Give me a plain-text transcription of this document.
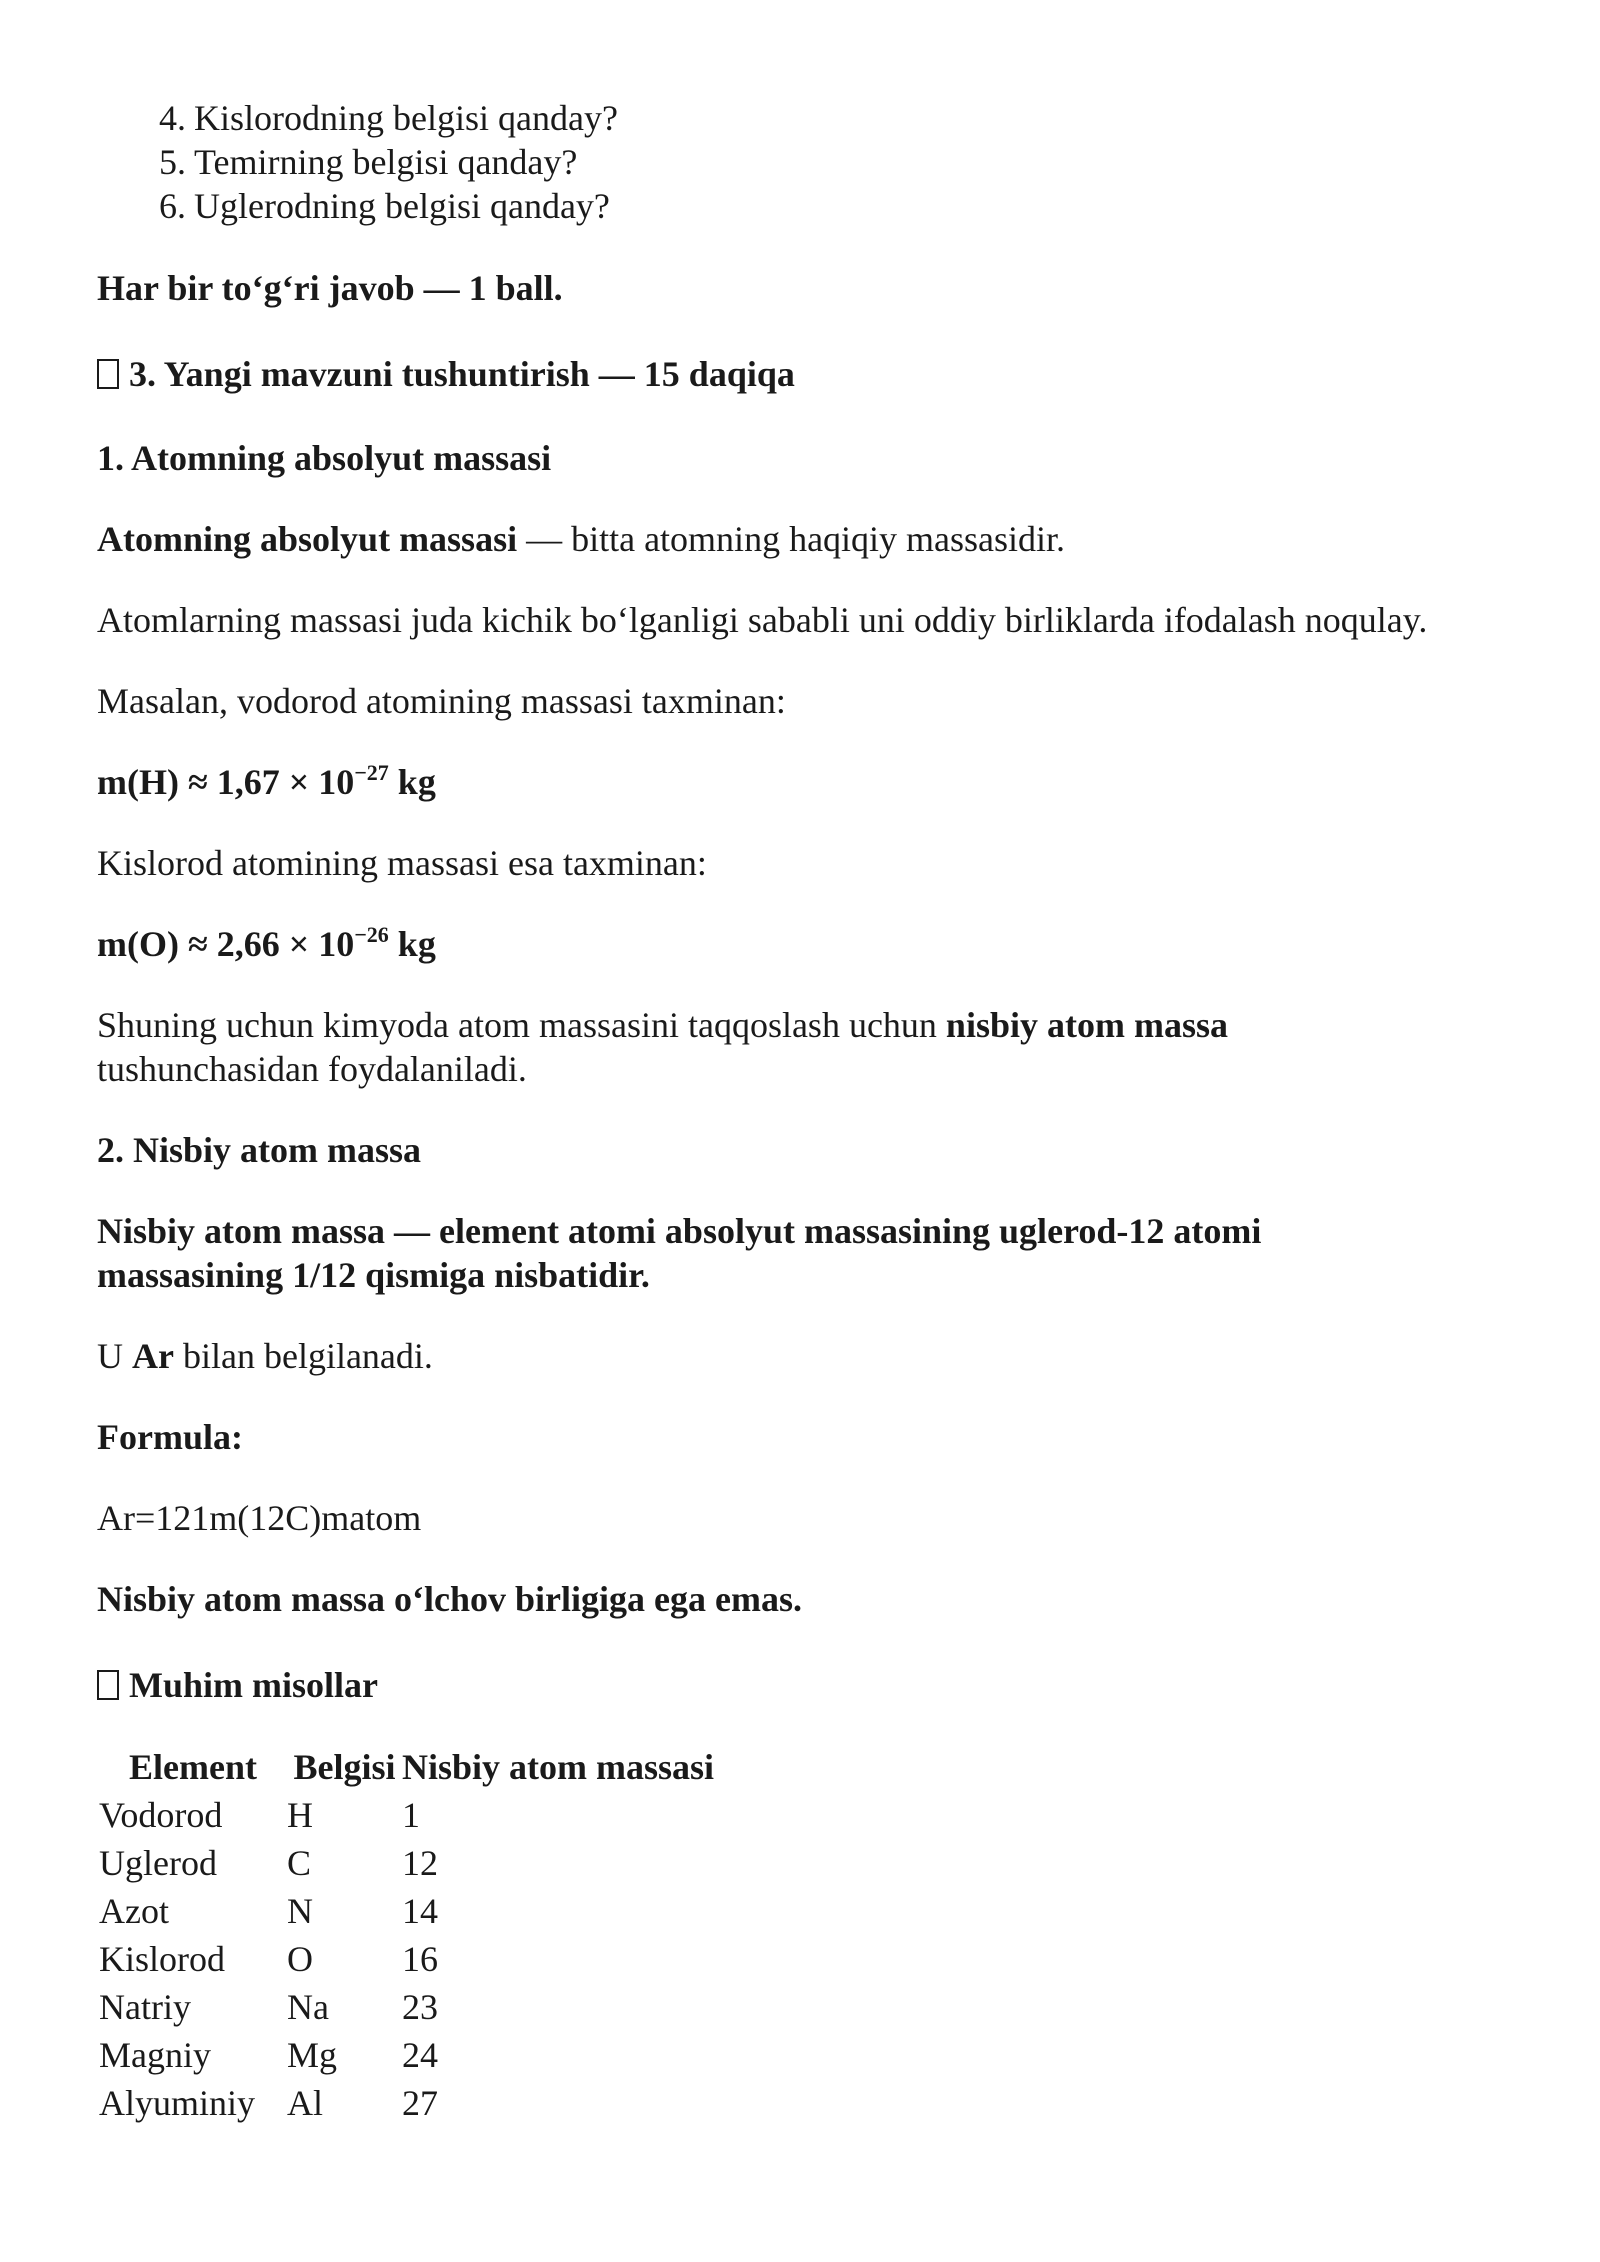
4. Kislorodning belgisi qanday?
5. Temirning belgisi qanday?
6. Uglerodning belgisi qanday?

Har bir to‘g‘ri javob — 1 ball.

3. Yangi mavzuni tushuntirish — 15 daqiqa

1. Atomning absolyut massasi

Atomning absolyut massasi — bitta atomning haqiqiy massasidir.

Atomlarning massasi juda kichik bo‘lganligi sababli uni oddiy birliklarda ifodalash noqulay.

Masalan, vodorod atomining massasi taxminan:

$m(H) \approx 1,67 \times 10^{-27}$ kg

Kislorod atomining massasi esa taxminan:

$m(O) \approx 2,66 \times 10^{-26}$ kg

Shuning uchun kimyoda atom massasini taqqoslash uchun nisbiy atom massa
tushunchasidan foydalaniladi.

2. Nisbiy atom massa

Nisbiy atom massa — element atomi absolyut massasining uglerod-12 atomi massasining 1/12 qismiga nisbatidir.

U Ar bilan belgilanadi.

Formula:

Ar=121m(12C)matom

Nisbiy atom massa o‘lchov birligiga ega emas.

Muhim misollar

Element	Belgisi	Nisbiy atom massasi
Vodorod	H	1
Uglerod	C	12
Azot	N	14
Kislorod	O	16
Natriy	Na	23
Magniy	Mg	24
Alyuminiy	Al	27
